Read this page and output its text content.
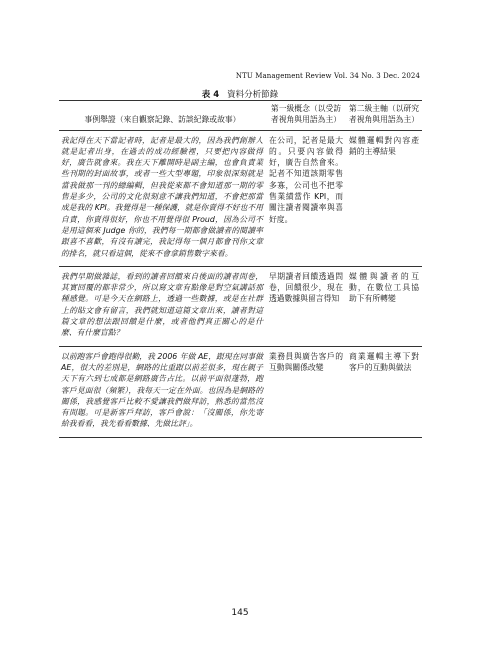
NTU Management Review Vol. 34 No. 3 Dec. 2024
表 4 資料分析節錄
事例舉證（來自觀察記錄、訪談紀錄或故事）	第一級概念（以受訪者視角與用語為主）	第二級主軸（以研究者視角與用語為主）
我記得在天下當記者時，記者是最大的，因為我們創辦人就是記者出身，在過去的成功經驗裡，只要把內容做得好，廣告就會來。我在天下離開時是副主編，也會負責業些刊期的封面故事，或者一些大型專題，印象很深刻就是當我做那一刊的總編輯，但我從來都不會知道那一期的零售是多少，公司的文化很刻意不讓我們知道，不會把那當成是我的 KPI。我覺得是一種保護，就是你賣得不好也不用自責，你賣得很好，你也不用覺得很 Proud，因為公司不是用這個來 Judge 你的，我們每一期都會做讀者的閱讀率跟喜不喜歡，有沒有讀完，我記得每一個月都會刊你文章的排名，就只看這個，從來不會拿銷售數字來看。	在公司，記者是最大的。只要內容做得好，廣告自然會來。記者不知道該期零售多寡，公司也不把零售業績當作 KPI，而關注讀者閱讀率與喜好度。	媒體邏輯對內容產銷的主導結果
我們早期做雜誌，看到的讀者回饋來自後面的讀者問卷，其實回覆的都非常少，所以寫文章有點像是對空氣講話那種感覺。可是今天在網路上，透過一些數據，或是在社群上的貼文會有留言，我們就知道這篇文章出來，讀者對這篇文章的想法跟回饋是什麼，或者他們真正關心的是什麼、有什麼盲點？	早期讀者回饋透過問卷，回饋很少，現在透過數據與留言得知	媒體與讀者的互動，在數位工具協助下有所轉變
以前跑客戶會跑得很勤，我 2006 年做 AE，跟現在同事做 AE，很大的差別是，網路的比重跟以前差很多，現在親子天下有六到七成都是網路廣告占比。以前平面很蓬勃，跑客戶見面很（頻繁），我每天一定在外面。也因為是網路的關係，我感覺客戶比較不愛讓我們做拜訪，熟悉的當然沒有問題。可是新客戶拜訪，客戶會說：「沒關係，你先寄給我看看，我先看看數據、先做比評」。	業務員與廣告客戶的互動與關係改變	商業邏輯主導下對客戶的互動與做法
145
